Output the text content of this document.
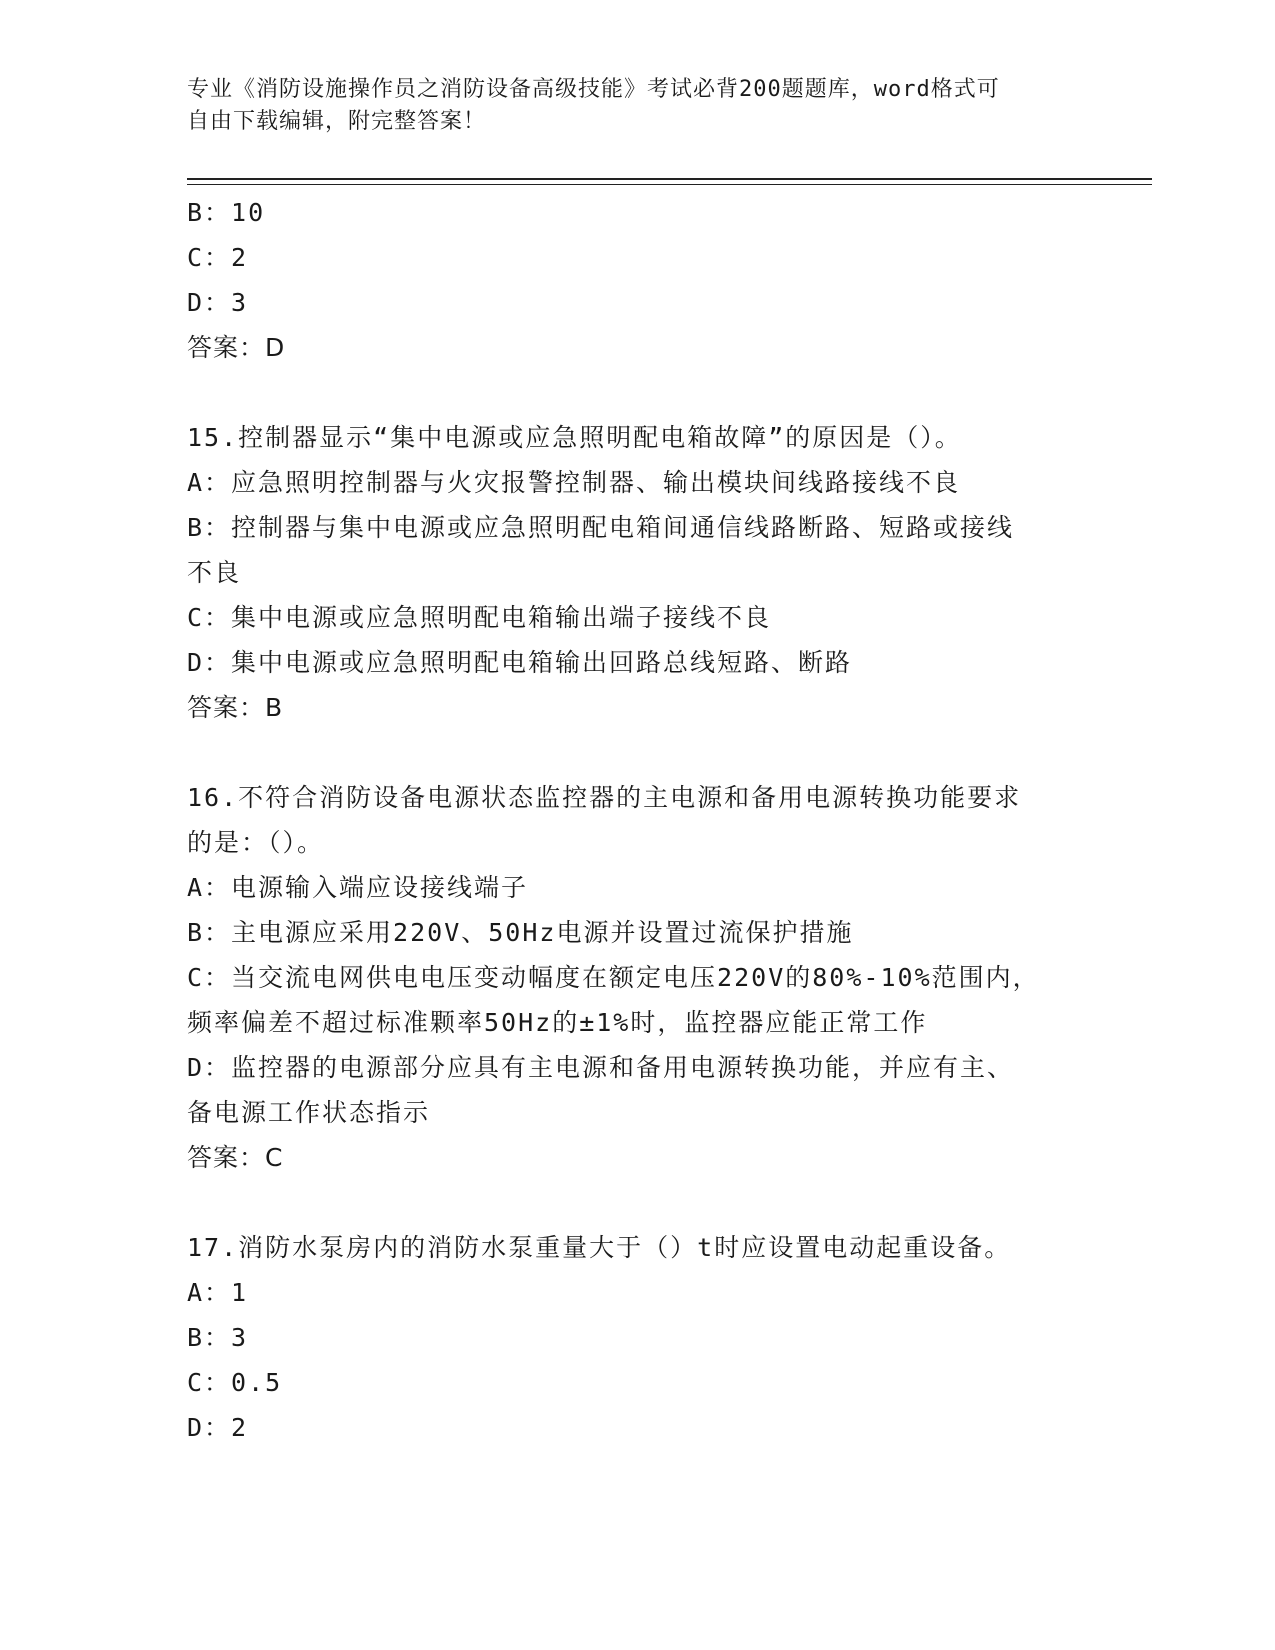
专业《消防设施操作员之消防设备高级技能》考试必背200题题库，word格式可
自由下载编辑，附完整答案！
B：10
C：2
D：3
答案：D
15.控制器显示“集中电源或应急照明配电箱故障”的原因是（）。
A：应急照明控制器与火灾报警控制器、输出模块间线路接线不良
B：控制器与集中电源或应急照明配电箱间通信线路断路、短路或接线
不良
C：集中电源或应急照明配电箱输出端子接线不良
D：集中电源或应急照明配电箱输出回路总线短路、断路
答案：B
16.不符合消防设备电源状态监控器的主电源和备用电源转换功能要求
的是：（）。
A：电源输入端应设接线端子
B：主电源应采用220V、50Hz电源并设置过流保护措施
C：当交流电网供电电压变动幅度在额定电压220V的80%-10%范围内，
频率偏差不超过标准颗率50Hz的±1%时，监控器应能正常工作
D：监控器的电源部分应具有主电源和备用电源转换功能，并应有主、
备电源工作状态指示
答案：C
17.消防水泵房内的消防水泵重量大于（）t时应设置电动起重设备。
A：1
B：3
C：0.5
D：2
